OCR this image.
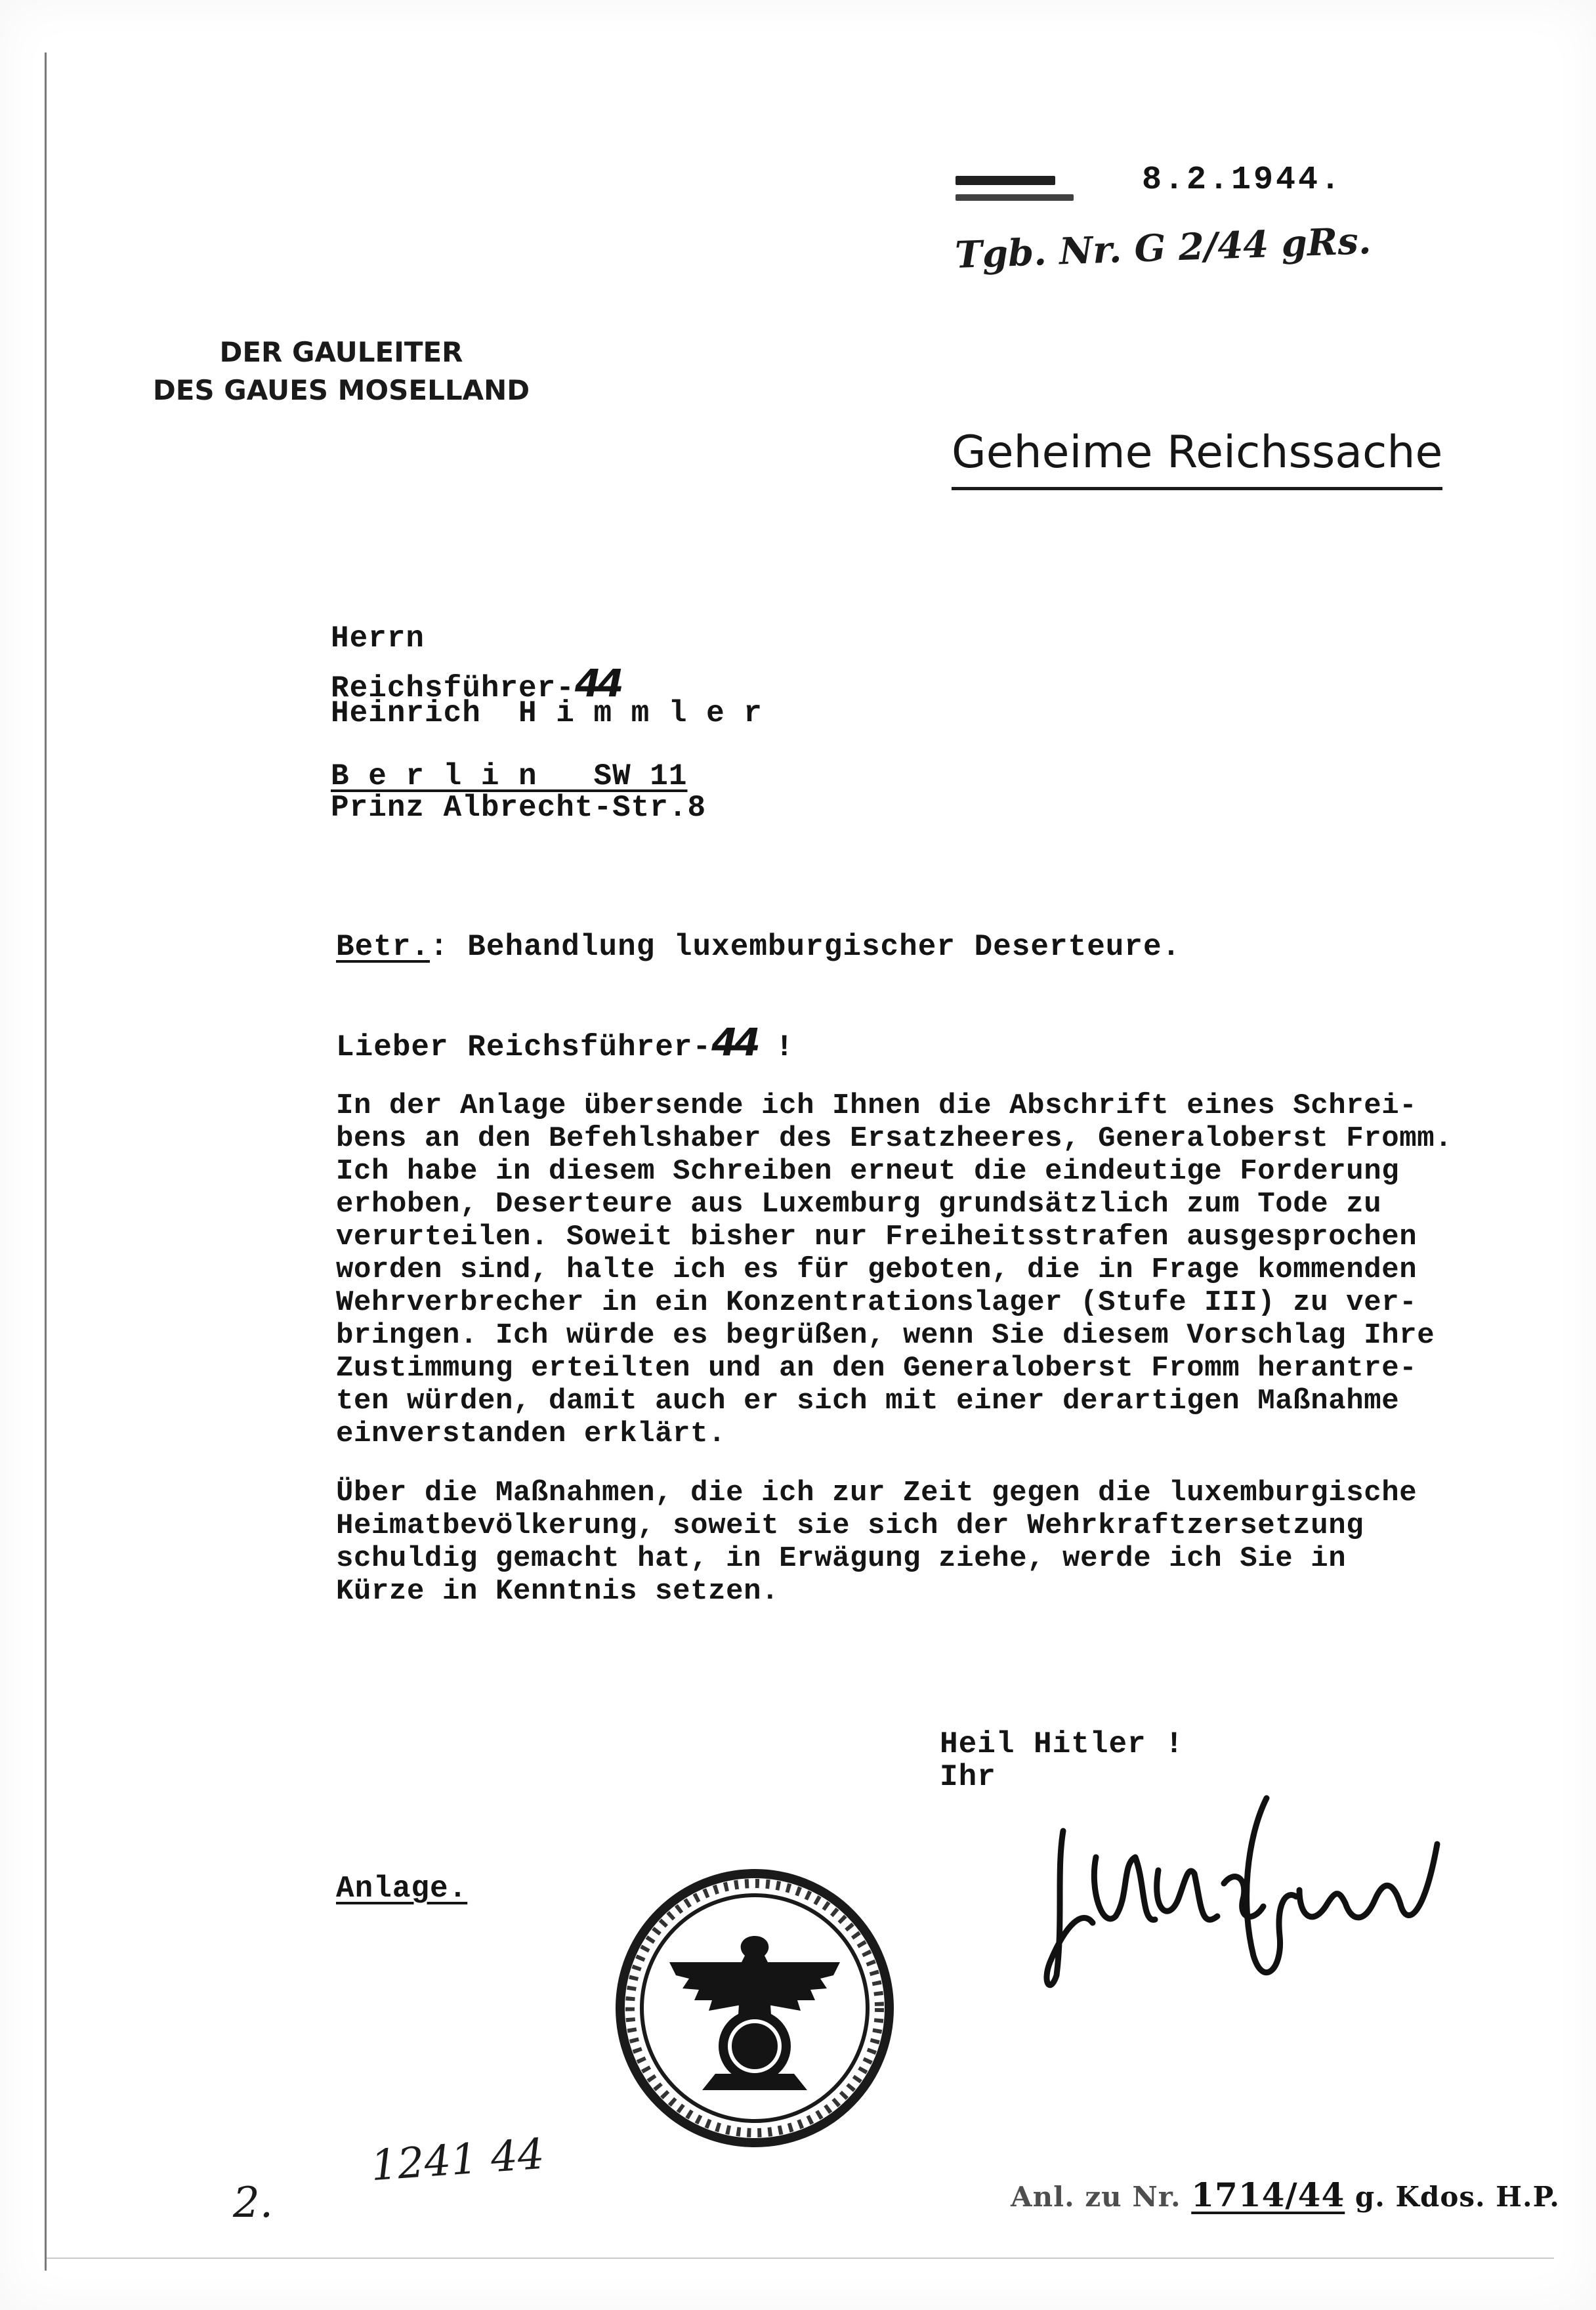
8.2.1944.

Tgb. Nr. G 2/44 gRs.

DER GAULEITER
DES GAUES MOSELLAND
Geheime Reichssache

Herrn

Reichsführer-44

Heinrich  H i m m l e r

B e r l i n   SW 11

Prinz Albrecht-Str.8

Betr.: Behandlung luxemburgischer Deserteure.

Lieber Reichsführer-44 !

In der Anlage übersende ich Ihnen die Abschrift eines Schrei-
bens an den Befehlshaber des Ersatzheeres, Generaloberst Fromm.
Ich habe in diesem Schreiben erneut die eindeutige Forderung
erhoben, Deserteure aus Luxemburg grundsätzlich zum Tode zu
verurteilen. Soweit bisher nur Freiheitsstrafen ausgesprochen
worden sind, halte ich es für geboten, die in Frage kommenden
Wehrverbrecher in ein Konzentrationslager (Stufe III) zu ver-
bringen. Ich würde es begrüßen, wenn Sie diesem Vorschlag Ihre
Zustimmung erteilten und an den Generaloberst Fromm herantre-
ten würden, damit auch er sich mit einer derartigen Maßnahme
einverstanden erklärt.
Über die Maßnahmen, die ich zur Zeit gegen die luxemburgische
Heimatbevölkerung, soweit sie sich der Wehrkraftzersetzung
schuldig gemacht hat, in Erwägung ziehe, werde ich Sie in
Kürze in Kenntnis setzen.

Heil Hitler !

Ihr

Anlage.

2.

1241 44

Anl. zu Nr. 1714/44 g. Kdos. H.P.
